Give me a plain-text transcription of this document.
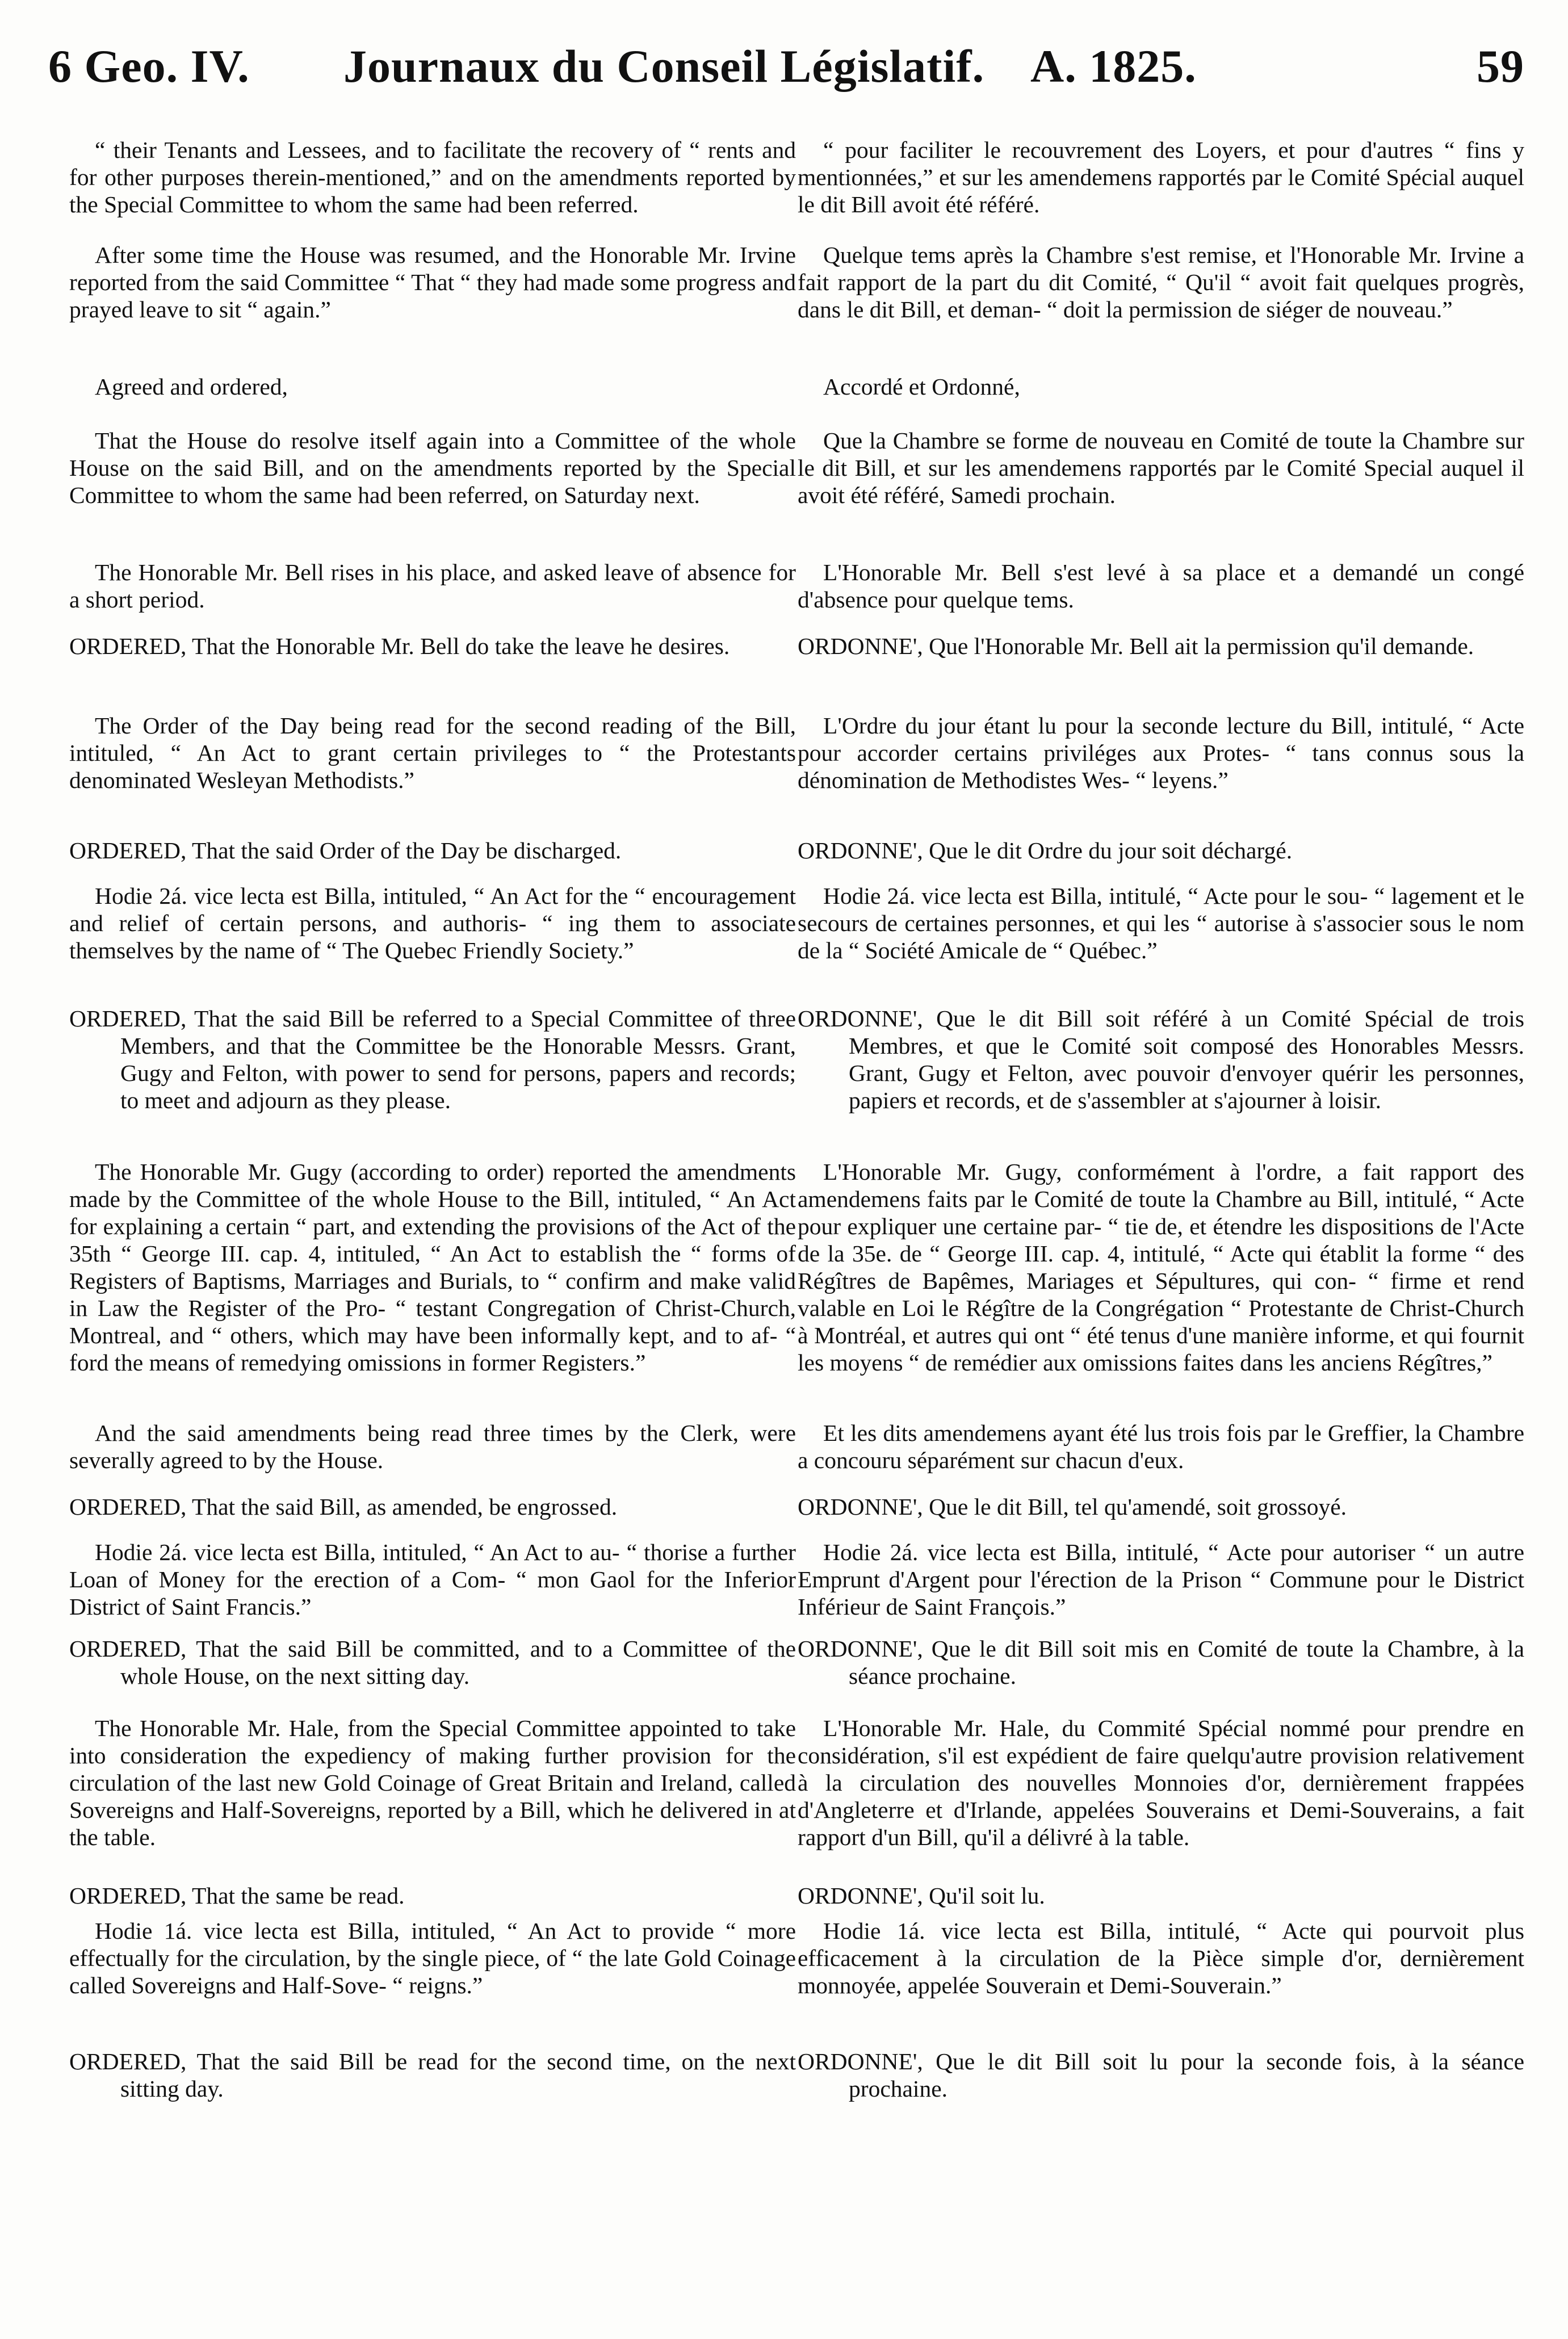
6 Geo. IV. Journaux du Conseil Législatif. A. 1825.	59

“ their Tenants and Lessees, and to facilitate the recovery of “ rents and for other purposes therein-mentioned,” and on the amendments reported by the Special Committee to whom the same had been referred.

After some time the House was resumed, and the Honorable Mr. Irvine reported from the said Committee “ That “ they had made some progress and prayed leave to sit “ again.”

Agreed and ordered,

That the House do resolve itself again into a Committee of the whole House on the said Bill, and on the amendments reported by the Special Committee to whom the same had been referred, on Saturday next.

The Honorable Mr. Bell rises in his place, and asked leave of absence for a short period.

ORDERED, That the Honorable Mr. Bell do take the leave he desires.

The Order of the Day being read for the second reading of the Bill, intituled, “ An Act to grant certain privileges to “ the Protestants denominated Wesleyan Methodists.”

ORDERED, That the said Order of the Day be discharged.

Hodie 2á. vice lecta est Billa, intituled, “ An Act for the “ encouragement and relief of certain persons, and authoris- “ ing them to associate themselves by the name of “ The Quebec Friendly Society.”

ORDERED, That the said Bill be referred to a Special Committee of three Members, and that the Committee be the Honorable Messrs. Grant, Gugy and Felton, with power to send for persons, papers and records; to meet and adjourn as they please.

The Honorable Mr. Gugy (according to order) reported the amendments made by the Committee of the whole House to the Bill, intituled, “ An Act for explaining a certain “ part, and extending the provisions of the Act of the 35th “ George III. cap. 4, intituled, “ An Act to establish the “ forms of Registers of Baptisms, Marriages and Burials, to “ confirm and make valid in Law the Register of the Pro- “ testant Congregation of Christ-Church, Montreal, and “ others, which may have been informally kept, and to af- “ ford the means of remedying omissions in former Registers.”

And the said amendments being read three times by the Clerk, were severally agreed to by the House.

ORDERED, That the said Bill, as amended, be engrossed.

Hodie 2á. vice lecta est Billa, intituled, “ An Act to au- “ thorise a further Loan of Money for the erection of a Com- “ mon Gaol for the Inferior District of Saint Francis.”

ORDERED, That the said Bill be committed, and to a Committee of the whole House, on the next sitting day.

The Honorable Mr. Hale, from the Special Committee appointed to take into consideration the expediency of making further provision for the circulation of the last new Gold Coinage of Great Britain and Ireland, called Sovereigns and Half-Sovereigns, reported by a Bill, which he delivered in at the table.

ORDERED, That the same be read.

Hodie 1á. vice lecta est Billa, intituled, “ An Act to provide “ more effectually for the circulation, by the single piece, of “ the late Gold Coinage called Sovereigns and Half-Sove- “ reigns.”

ORDERED, That the said Bill be read for the second time, on the next sitting day.

“ pour faciliter le recouvrement des Loyers, et pour d'autres “ fins y mentionnées,” et sur les amendemens rapportés par le Comité Spécial auquel le dit Bill avoit été référé.

Quelque tems après la Chambre s'est remise, et l'Honorable Mr. Irvine a fait rapport de la part du dit Comité, “ Qu'il “ avoit fait quelques progrès, dans le dit Bill, et deman- “ doit la permission de siéger de nouveau.”

Accordé et Ordonné,

Que la Chambre se forme de nouveau en Comité de toute la Chambre sur le dit Bill, et sur les amendemens rapportés par le Comité Special auquel il avoit été référé, Samedi prochain.

L'Honorable Mr. Bell s'est levé à sa place et a demandé un congé d'absence pour quelque tems.

ORDONNE', Que l'Honorable Mr. Bell ait la permission qu'il demande.

L'Ordre du jour étant lu pour la seconde lecture du Bill, intitulé, “ Acte pour accorder certains priviléges aux Protes- “ tans connus sous la dénomination de Methodistes Wes- “ leyens.”

ORDONNE', Que le dit Ordre du jour soit déchargé.

Hodie 2á. vice lecta est Billa, intitulé, “ Acte pour le sou- “ lagement et le secours de certaines personnes, et qui les “ autorise à s'associer sous le nom de la “ Société Amicale de “ Québec.”

ORDONNE', Que le dit Bill soit référé à un Comité Spécial de trois Membres, et que le Comité soit composé des Honorables Messrs. Grant, Gugy et Felton, avec pouvoir d'envoyer quérir les personnes, papiers et records, et de s'assembler at s'ajourner à loisir.

L'Honorable Mr. Gugy, conformément à l'ordre, a fait rapport des amendemens faits par le Comité de toute la Chambre au Bill, intitulé, “ Acte pour expliquer une certaine par- “ tie de, et étendre les dispositions de l'Acte de la 35e. de “ George III. cap. 4, intitulé, “ Acte qui établit la forme “ des Régîtres de Bapêmes, Mariages et Sépultures, qui con- “ firme et rend valable en Loi le Régître de la Congrégation “ Protestante de Christ-Church à Montréal, et autres qui ont “ été tenus d'une manière informe, et qui fournit les moyens “ de remédier aux omissions faites dans les anciens Régîtres,”

Et les dits amendemens ayant été lus trois fois par le Greffier, la Chambre a concouru séparément sur chacun d'eux.

ORDONNE', Que le dit Bill, tel qu'amendé, soit grossoyé.

Hodie 2á. vice lecta est Billa, intitulé, “ Acte pour autoriser “ un autre Emprunt d'Argent pour l'érection de la Prison “ Commune pour le District Inférieur de Saint François.”

ORDONNE', Que le dit Bill soit mis en Comité de toute la Chambre, à la séance prochaine.

L'Honorable Mr. Hale, du Commité Spécial nommé pour prendre en considération, s'il est expédient de faire quelqu'autre provision relativement à la circulation des nouvelles Monnoies d'or, dernièrement frappées d'Angleterre et d'Irlande, appelées Souverains et Demi-Souverains, a fait rapport d'un Bill, qu'il a délivré à la table.

ORDONNE', Qu'il soit lu.

Hodie 1á. vice lecta est Billa, intitulé, “ Acte qui pourvoit plus efficacement à la circulation de la Pièce simple d'or, dernièrement monnoyée, appelée Souverain et Demi-Souverain.”

ORDONNE', Que le dit Bill soit lu pour la seconde fois, à la séance prochaine.
